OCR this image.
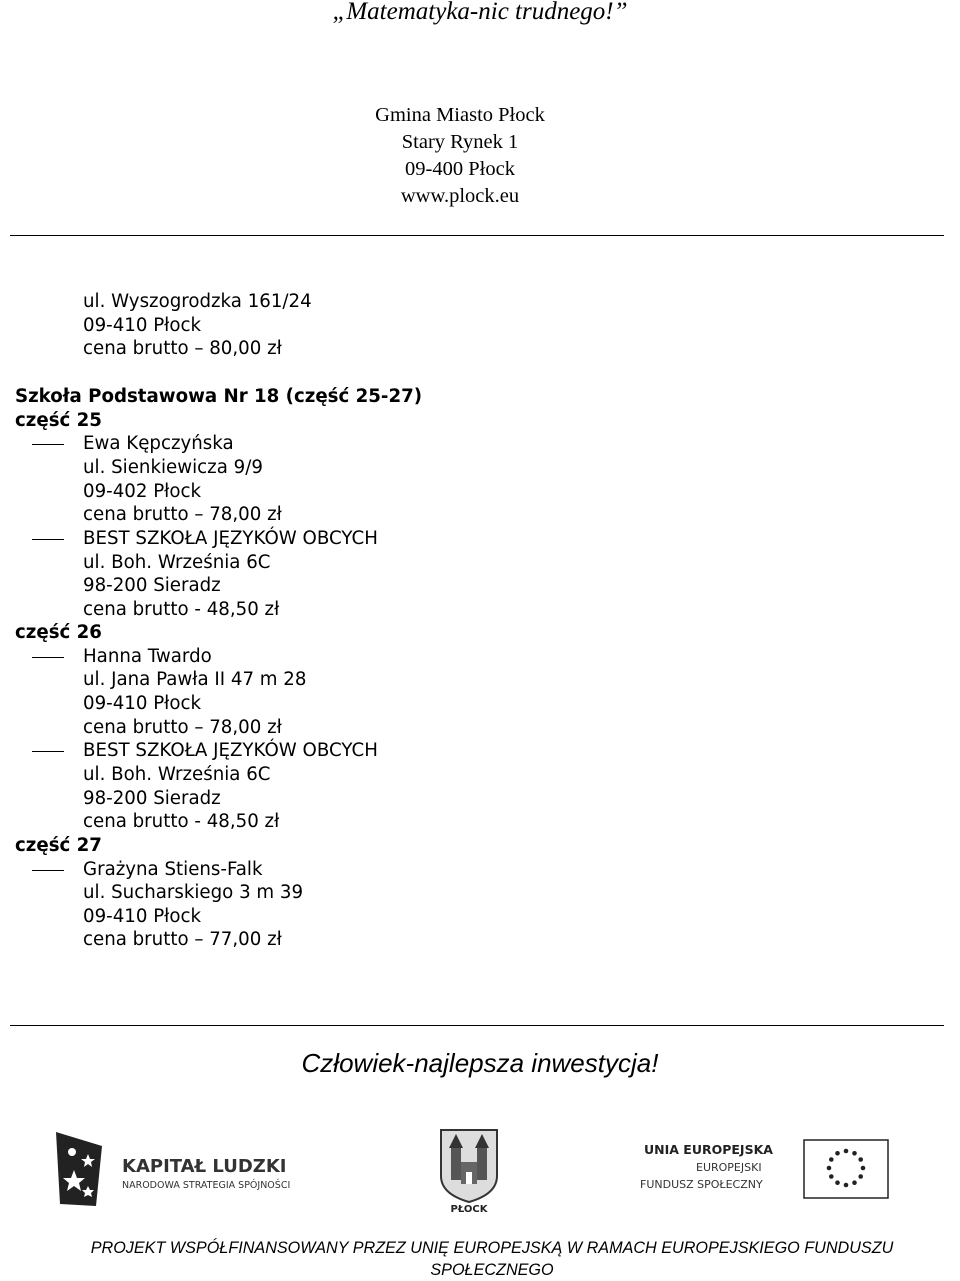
„Matematyka-nic trudnego!”
Gmina Miasto Płock
Stary Rynek 1
09-400 Płock
www.plock.eu
ul. Wyszogrodzka 161/24
09-410 Płock
cena brutto – 80,00 zł
Szkoła Podstawowa Nr 18 (część 25-27)
część 25
Ewa Kępczyńska
ul. Sienkiewicza 9/9
09-402 Płock
cena brutto – 78,00 zł
BEST SZKOŁA JĘZYKÓW OBCYCH
ul. Boh. Września 6C
98-200 Sieradz
cena brutto - 48,50 zł
część 26
Hanna Twardo
ul. Jana Pawła II 47 m 28
09-410 Płock
cena brutto – 78,00 zł
BEST SZKOŁA JĘZYKÓW OBCYCH
ul. Boh. Września 6C
98-200 Sieradz
cena brutto - 48,50 zł
część 27
Grażyna Stiens-Falk
ul. Sucharskiego 3 m 39
09-410 Płock
cena brutto – 77,00 zł
Człowiek-najlepsza inwestycja!
KAPITAŁ LUDZKI
NARODOWA STRATEGIA SPÓJNOŚCI
PŁOCK
UNIA EUROPEJSKA
EUROPEJSKI
FUNDUSZ SPOŁECZNY
PROJEKT WSPÓŁFINANSOWANY PRZEZ UNIĘ EUROPEJSKĄ W RAMACH EUROPEJSKIEGO FUNDUSZU
SPOŁECZNEGO
